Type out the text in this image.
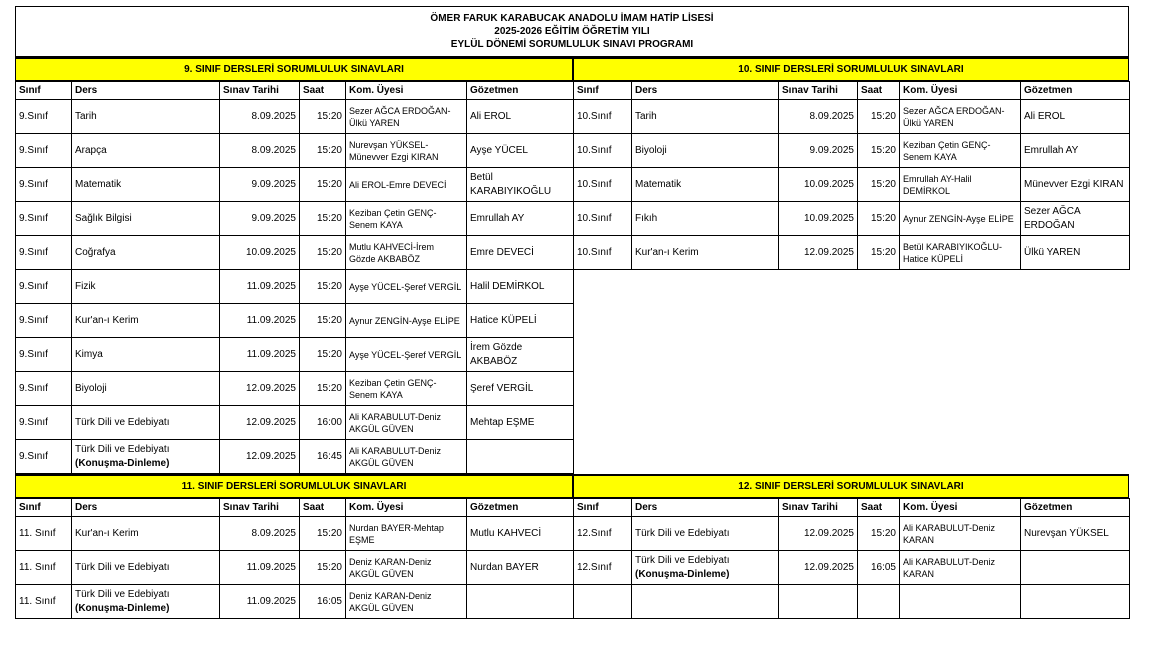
ÖMER FARUK KARABUCAK ANADOLU İMAM HATİP LİSESİ
2025-2026 EĞİTİM ÖĞRETİM YILI
EYLÜL DÖNEMİ SORUMLULUK SINAVI PROGRAMI
9. SINIF DERSLERİ SORUMLULUK SINAVLARI
Sınıf	Ders	Sınav Tarihi	Saat	Kom. Üyesi	Gözetmen
9.Sınıf	Tarih	8.09.2025	15:20	Sezer AĞCA ERDOĞAN-Ülkü YAREN	Ali EROL
9.Sınıf	Arapça	8.09.2025	15:20	Nurevşan YÜKSEL-Münevver Ezgi KIRAN	Ayşe YÜCEL
9.Sınıf	Matematik	9.09.2025	15:20	Ali EROL-Emre DEVECİ	Betül KARABIYIKOĞLU
9.Sınıf	Sağlık Bilgisi	9.09.2025	15:20	Keziban Çetin GENÇ-Senem KAYA	Emrullah AY
9.Sınıf	Coğrafya	10.09.2025	15:20	Mutlu KAHVECİ-İrem Gözde AKBABÖZ	Emre DEVECİ
9.Sınıf	Fizik	11.09.2025	15:20	Ayşe YÜCEL-Şeref VERGİL	Halil DEMİRKOL
9.Sınıf	Kur'an-ı Kerim	11.09.2025	15:20	Aynur ZENGİN-Ayşe ELİPE	Hatice KÜPELİ
9.Sınıf	Kimya	11.09.2025	15:20	Ayşe YÜCEL-Şeref VERGİL	İrem Gözde AKBABÖZ
9.Sınıf	Biyoloji	12.09.2025	15:20	Keziban Çetin GENÇ-Senem KAYA	Şeref VERGİL
9.Sınıf	Türk Dili ve Edebiyatı	12.09.2025	16:00	Ali KARABULUT-Deniz AKGÜL GÜVEN	Mehtap EŞME
9.Sınıf	Türk Dili ve Edebiyatı
(Konuşma-Dinleme)	12.09.2025	16:45	Ali KARABULUT-Deniz AKGÜL GÜVEN	
10. SINIF DERSLERİ SORUMLULUK SINAVLARI
Sınıf	Ders	Sınav Tarihi	Saat	Kom. Üyesi	Gözetmen
10.Sınıf	Tarih	8.09.2025	15:20	Sezer AĞCA ERDOĞAN-Ülkü YAREN	Ali EROL
10.Sınıf	Biyoloji	9.09.2025	15:20	Keziban Çetin GENÇ-Senem KAYA	Emrullah AY
10.Sınıf	Matematik	10.09.2025	15:20	Emrullah AY-Halil DEMİRKOL	Münevver Ezgi KIRAN
10.Sınıf	Fıkıh	10.09.2025	15:20	Aynur ZENGİN-Ayşe ELİPE	Sezer AĞCA ERDOĞAN
10.Sınıf	Kur'an-ı Kerim	12.09.2025	15:20	Betül KARABIYIKOĞLU-Hatice KÜPELİ	Ülkü YAREN
11. SINIF DERSLERİ SORUMLULUK SINAVLARI
Sınıf	Ders	Sınav Tarihi	Saat	Kom. Üyesi	Gözetmen
11. Sınıf	Kur'an-ı Kerim	8.09.2025	15:20	Nurdan BAYER-Mehtap EŞME	Mutlu KAHVECİ
11. Sınıf	Türk Dili ve Edebiyatı	11.09.2025	15:20	Deniz KARAN-Deniz AKGÜL GÜVEN	Nurdan BAYER
11. Sınıf	Türk Dili ve Edebiyatı
(Konuşma-Dinleme)	11.09.2025	16:05	Deniz KARAN-Deniz AKGÜL GÜVEN	
12. SINIF DERSLERİ SORUMLULUK SINAVLARI
Sınıf	Ders	Sınav Tarihi	Saat	Kom. Üyesi	Gözetmen
12.Sınıf	Türk Dili ve Edebiyatı	12.09.2025	15:20	Ali KARABULUT-Deniz KARAN	Nurevşan YÜKSEL
12.Sınıf	Türk Dili ve Edebiyatı
(Konuşma-Dinleme)	12.09.2025	16:05	Ali KARABULUT-Deniz KARAN	
